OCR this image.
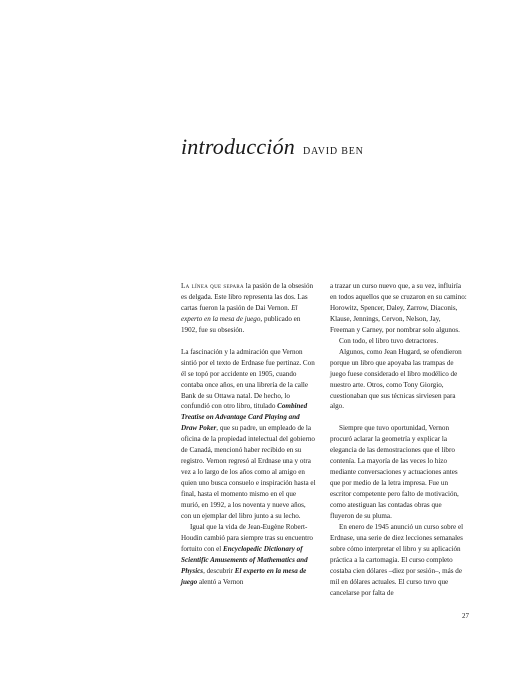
introducción DAVID BEN

La línea que separa la pasión de la obsesión es delgada. Este libro representa las dos. Las cartas fueron la pasión de Dai Vernon. El experto en la mesa de juego, publicado en 1902, fue su obsesión.

La fascinación y la admiración que Vernon sintió por el texto de Erdnase fue pertinaz. Con él se topó por accidente en 1905, cuando contaba once años, en una librería de la calle Bank de su Ottawa natal. De hecho, lo confundió con otro libro, titulado Combined Treatise on Advantage Card Playing and Draw Poker, que su padre, un empleado de la oficina de la propiedad intelectual del gobierno de Canadá, mencionó haber recibido en su registro. Vernon regresó al Erdnase una y otra vez a lo largo de los años como al amigo en quien uno busca consuelo e inspiración hasta el final, hasta el momento mismo en el que murió, en 1992, a los noventa y nueve años, con un ejemplar del libro junto a su lecho.

Igual que la vida de Jean-Eugène Robert-Houdin cambió para siempre tras su encuentro fortuito con el Encyclopedic Dictionary of Scientific Amusements of Mathematics and Physics, descubrir El experto en la mesa de juego alentó a Vernon

a trazar un curso nuevo que, a su vez, influiría en todos aquellos que se cruzaron en su camino: Horowitz, Spencer, Daley, Zarrow, Diaconis, Klause, Jennings, Cervon, Nelson, Jay, Freeman y Carney, por nombrar solo algunos.

Con todo, el libro tuvo detractores.

Algunos, como Jean Hugard, se ofendieron porque un libro que apoyaba las trampas de juego fuese considerado el libro modélico de nuestro arte. Otros, como Tony Giorgio, cuestionaban que sus técnicas sirviesen para algo.

Siempre que tuvo oportunidad, Vernon procuró aclarar la geometría y explicar la elegancia de las demostraciones que el libro contenía. La mayoría de las veces lo hizo mediante conversaciones y actuaciones antes que por medio de la letra impresa. Fue un escritor competente pero falto de motivación, como atestiguan las contadas obras que fluyeron de su pluma.

En enero de 1945 anunció un curso sobre el Erdnase, una serie de diez lecciones semanales sobre cómo interpretar el libro y su aplicación práctica a la cartomagia. El curso completo costaba cien dólares –diez por sesión–, más de mil en dólares actuales. El curso tuvo que cancelarse por falta de

27
